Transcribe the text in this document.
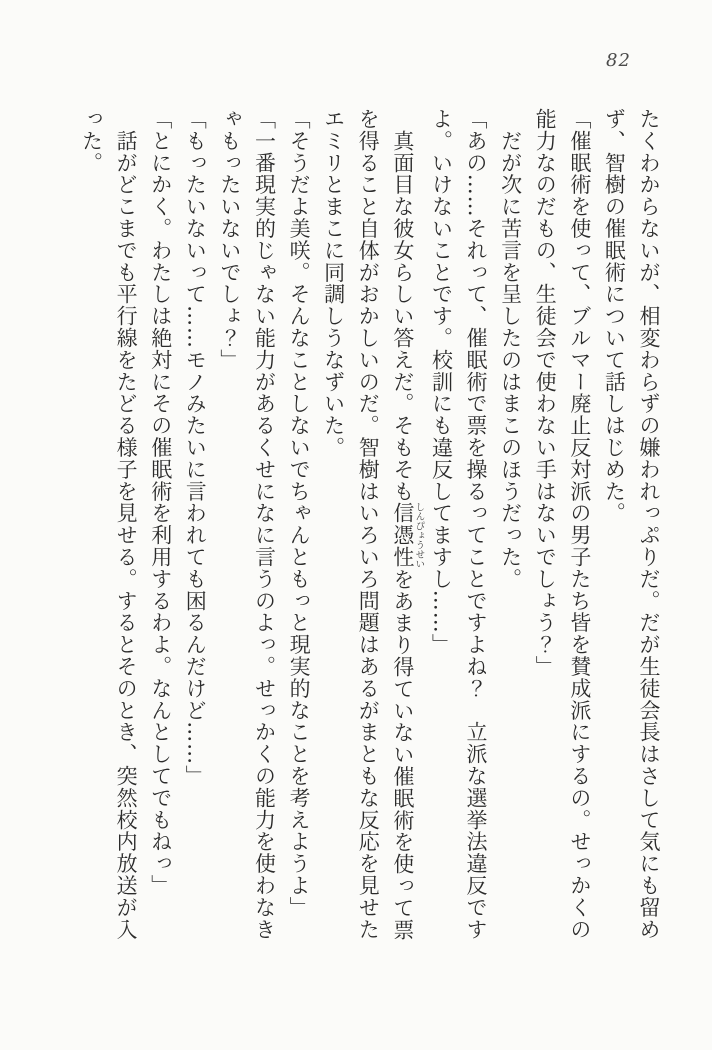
82

たくわからないが、相変わらずの嫌われっぷりだ。だが生徒会長はさして気にも留め

ず、智樹の催眠術について話しはじめた。

「催眠術を使って、ブルマー廃止反対派の男子たち皆を賛成派にするの。せっかくの

能力なのだもの、生徒会で使わない手はないでしょう？」

　だが次に苦言を呈したのはまこのほうだった。

「あの……それって、催眠術で票を操るってことですよね？　立派な選挙法違反です

よ。いけないことです。校訓にも違反してますし……」

　真面目な彼女らしい答えだ。そもそも信憑性しんぴょうせいをあまり得ていない催眠術を使って票

を得ること自体がおかしいのだ。智樹はいろいろ問題はあるがまともな反応を見せた

エミリとまこに同調しうなずいた。

「そうだよ美咲。そんなことしないでちゃんともっと現実的なことを考えようよ」

「一番現実的じゃない能力があるくせになに言うのよっ。せっかくの能力を使わなき

ゃもったいないでしょ？」

「もったいないって……モノみたいに言われても困るんだけど……」

「とにかく。わたしは絶対にその催眠術を利用するわよ。なんとしてでもねっ」

　話がどこまでも平行線をたどる様子を見せる。するとそのとき、突然校内放送が入

った。
